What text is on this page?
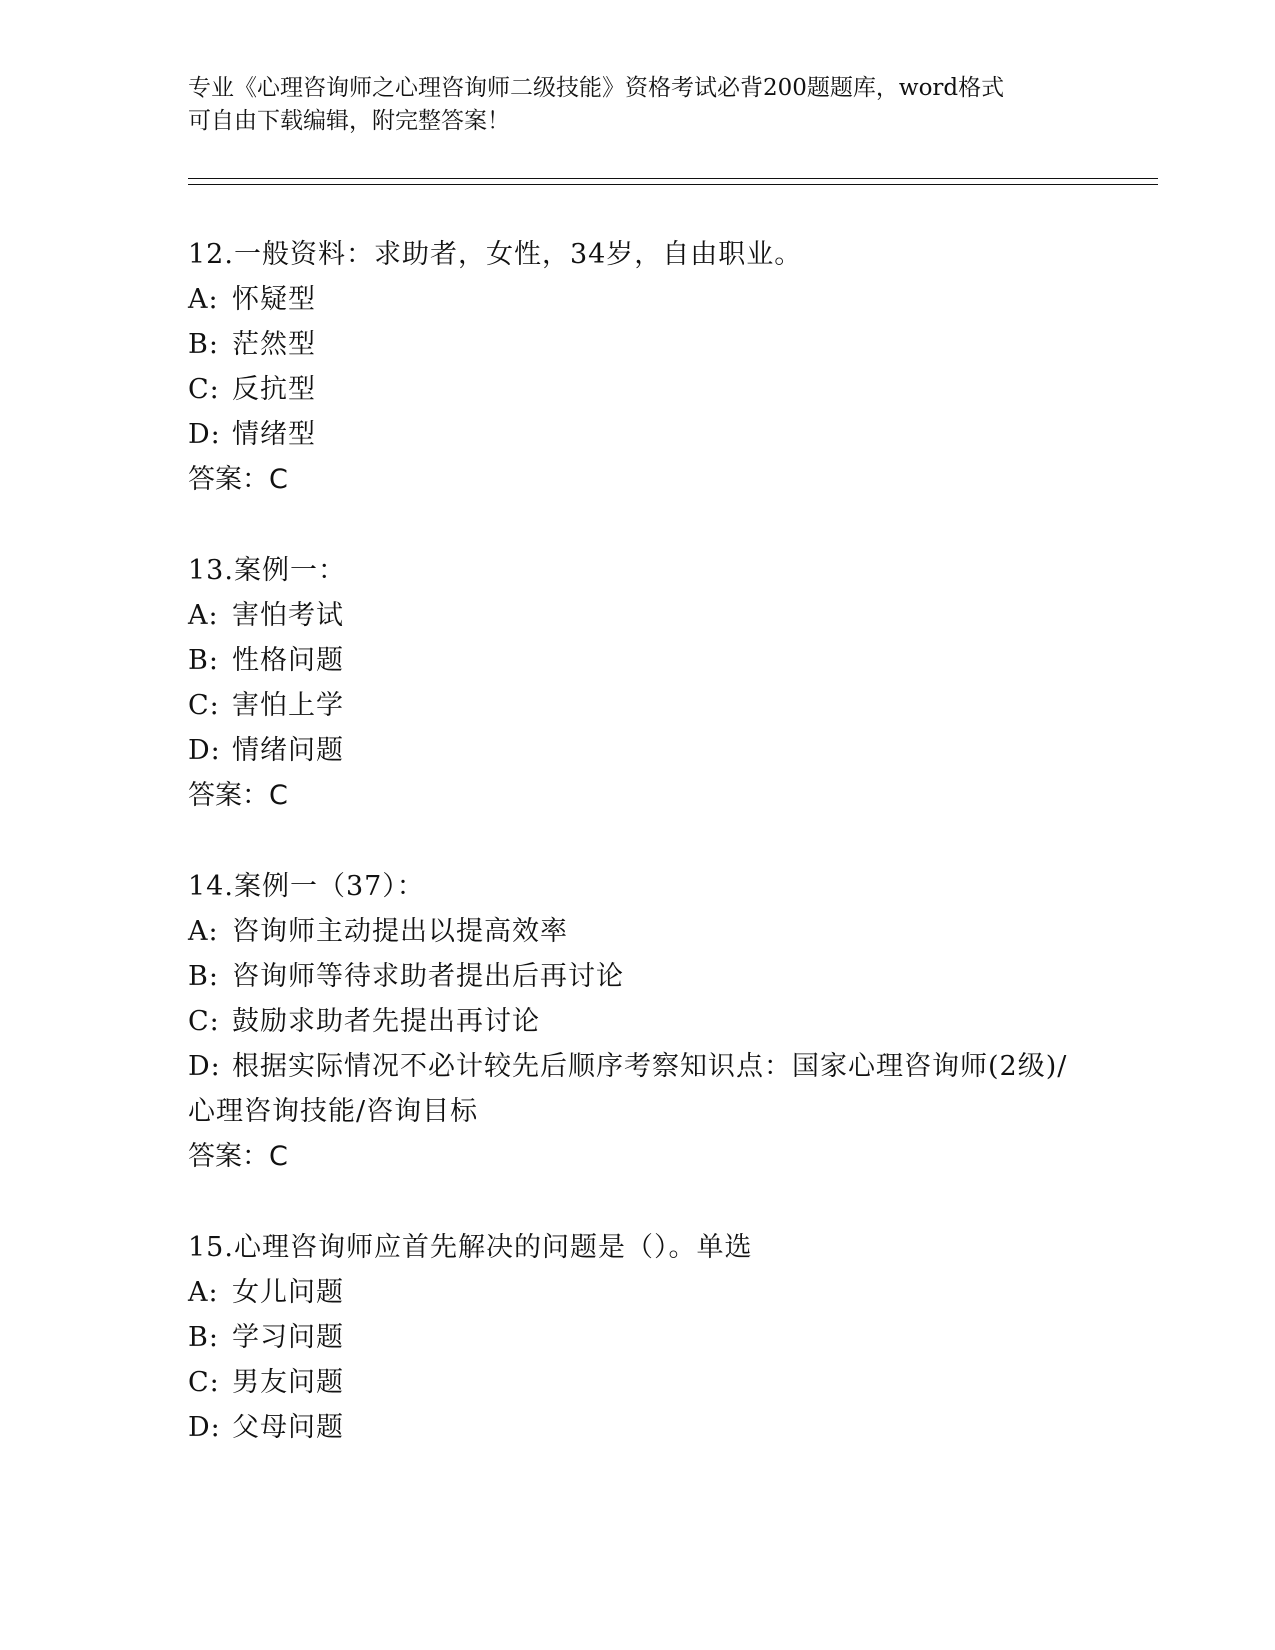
专业《心理咨询师之心理咨询师二级技能》资格考试必背200题题库，word格式
可自由下载编辑，附完整答案！
12.一般资料：求助者，女性，34岁，自由职业。
A: 怀疑型
B: 茫然型
C: 反抗型
D: 情绪型
答案：C
13.案例一：
A: 害怕考试
B: 性格问题
C: 害怕上学
D: 情绪问题
答案：C
14.案例一（37）：
A: 咨询师主动提出以提高效率
B: 咨询师等待求助者提出后再讨论
C: 鼓励求助者先提出再讨论
D: 根据实际情况不必计较先后顺序考察知识点：国家心理咨询师(2级)/心理咨询技能/咨询目标
答案：C
15.心理咨询师应首先解决的问题是（）。单选
A: 女儿问题
B: 学习问题
C: 男友问题
D: 父母问题
